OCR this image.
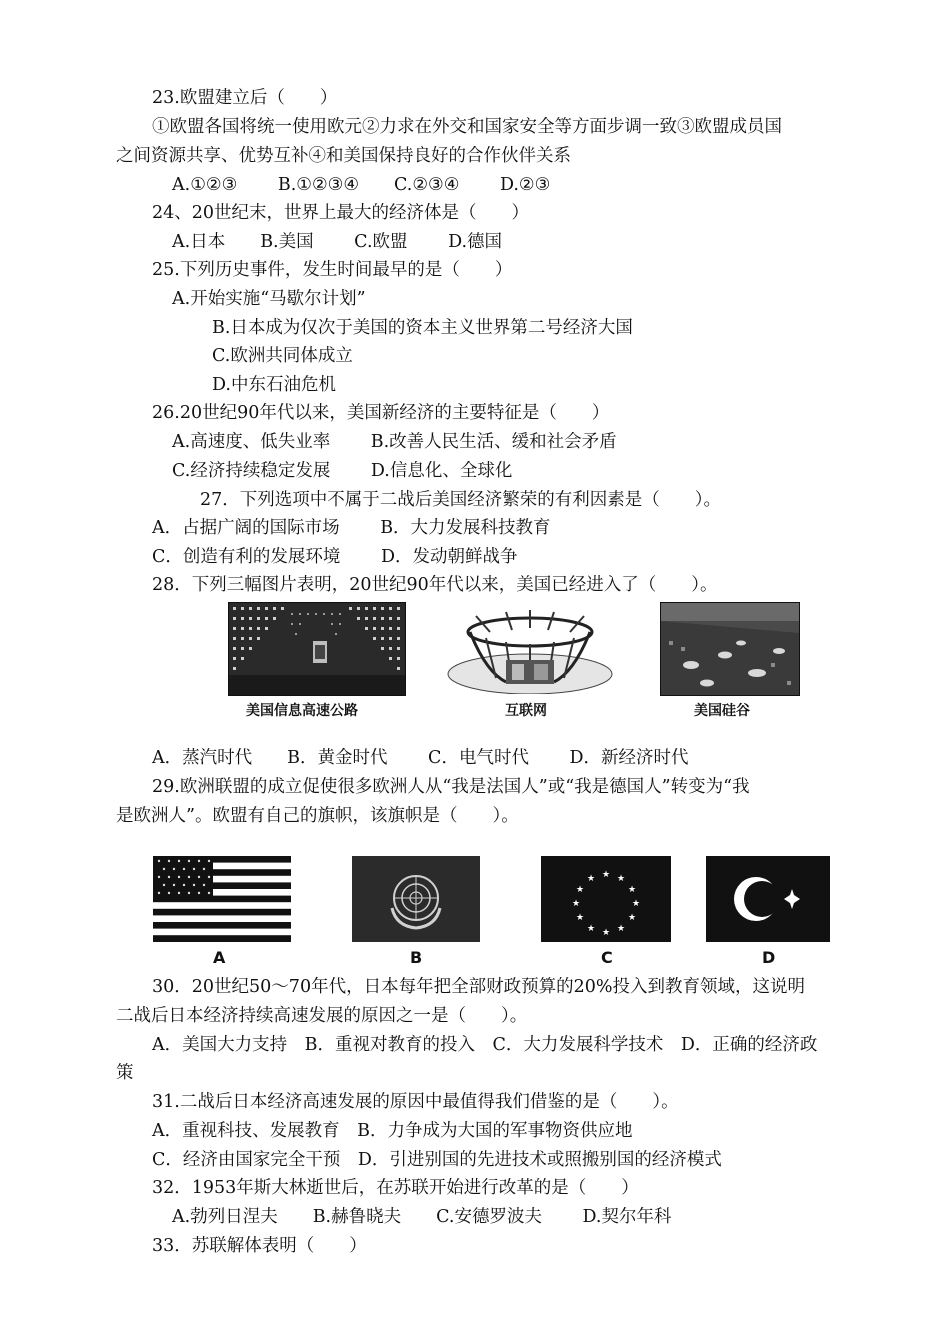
23.欧盟建立后（　　）
①欧盟各国将统一使用欧元②力求在外交和国家安全等方面步调一致③欧盟成员国
之间资源共享、优势互补④和美国保持良好的合作伙伴关系
A.①②③　　 B.①②③④　　C.②③④　　 D.②③
24、20世纪末，世界上最大的经济体是（　　）
A.日本　　B.美国　　 C.欧盟　　 D.德国
25.下列历史事件，发生时间最早的是（　　）
A.开始实施“马歇尔计划”
B.日本成为仅次于美国的资本主义世界第二号经济大国
C.欧洲共同体成立
D.中东石油危机
26.20世纪90年代以来，美国新经济的主要特征是（　　）
A.高速度、低失业率　　 B.改善人民生活、缓和社会矛盾
C.经济持续稳定发展　　 D.信息化、全球化
27．下列选项中不属于二战后美国经济繁荣的有利因素是（　　）。
A．占据广阔的国际市场　　 B．大力发展科技教育
C．创造有利的发展环境　　 D．发动朝鲜战争
28．下列三幅图片表明，20世纪90年代以来，美国已经进入了（　　）。
美国信息高速公路	互联网	美国硅谷
A．蒸汽时代　　B．黄金时代　　 C．电气时代　　 D．新经济时代
29.欧洲联盟的成立促使很多欧洲人从“我是法国人”或“我是德国人”转变为“我
是欧洲人”。欧盟有自己的旗帜，该旗帜是（　　）。
★ ★
★
★
★
★
★
★
★
★
★
★
A	B	C	D
30．20世纪50～70年代，日本每年把全部财政预算的20%投入到教育领域，这说明
二战后日本经济持续高速发展的原因之一是（　　）。
A．美国大力支持　B．重视对教育的投入　C．大力发展科学技术　D．正确的经济政
策
31.二战后日本经济高速发展的原因中最值得我们借鉴的是（　　）。
A．重视科技、发展教育　B．力争成为大国的军事物资供应地
C．经济由国家完全干预　D．引进别国的先进技术或照搬别国的经济模式
32．1953年斯大林逝世后，在苏联开始进行改革的是（　　）
A.勃列日涅夫　　B.赫鲁晓夫　　C.安德罗波夫　　 D.契尔年科
33．苏联解体表明（　　）
